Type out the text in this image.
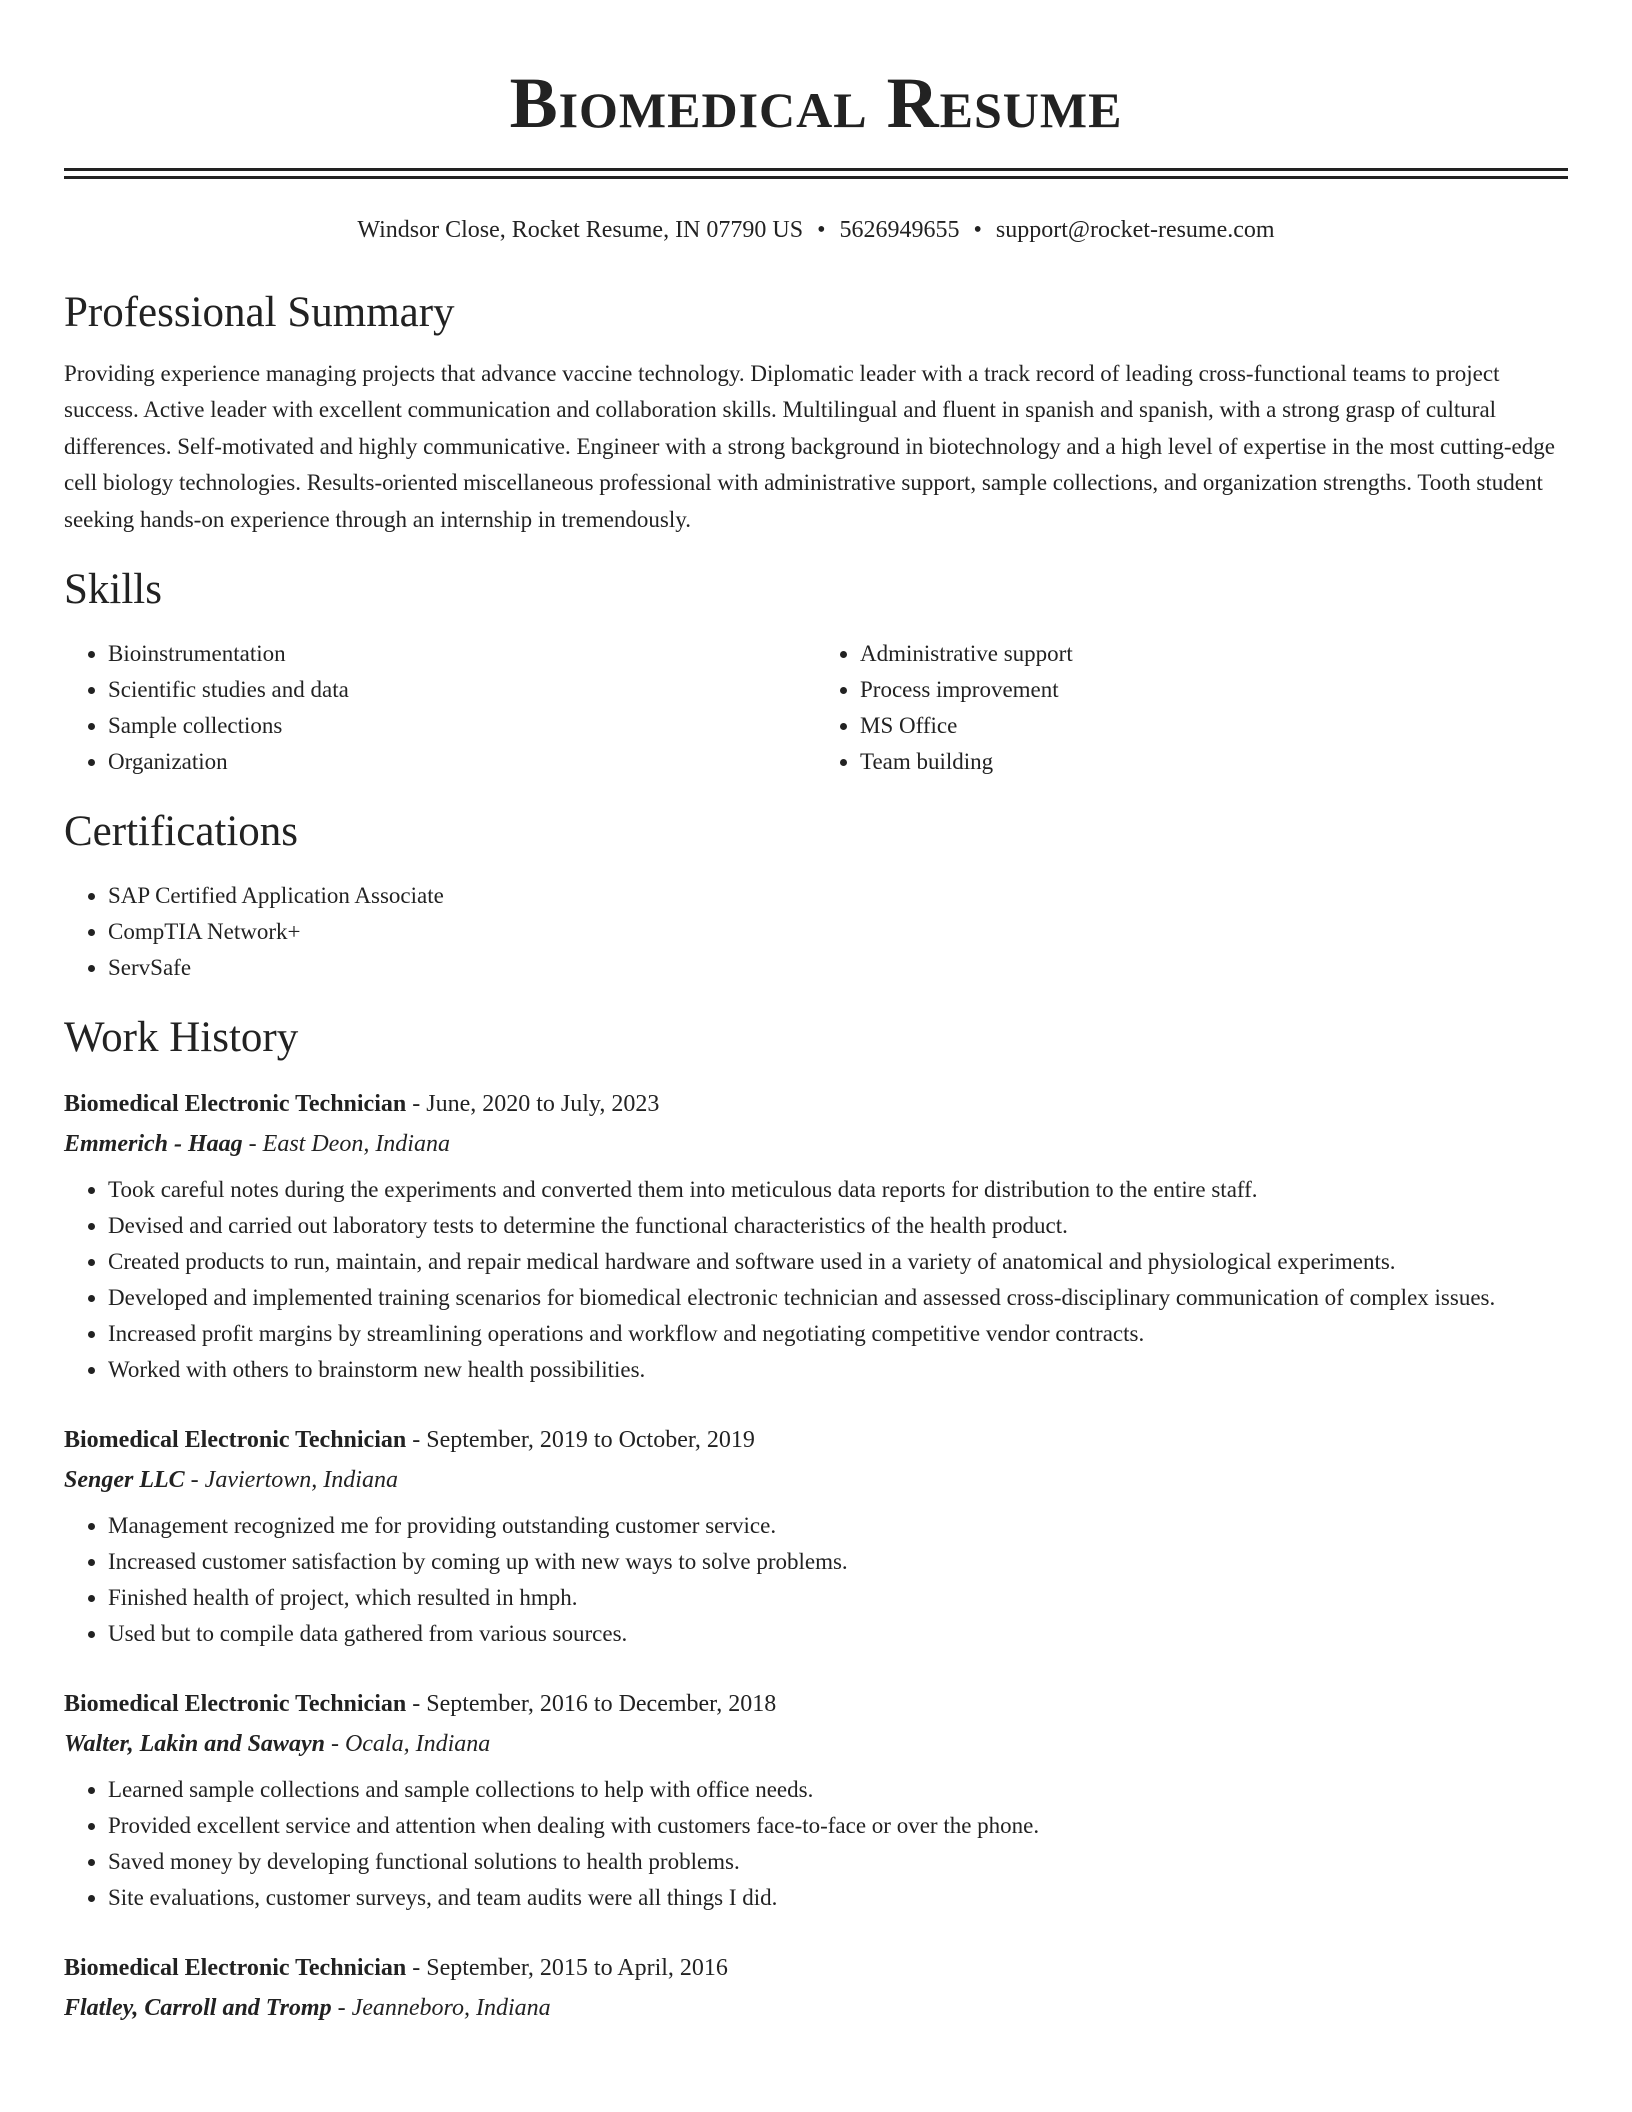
Biomedical Resume
Windsor Close, Rocket Resume, IN 07790 US • 5626949655 • support@rocket-resume.com
Professional Summary

Providing experience managing projects that advance vaccine technology. Diplomatic leader with a track record of leading cross-functional teams to project success. Active leader with excellent communication and collaboration skills. Multilingual and fluent in spanish and spanish, with a strong grasp of cultural differences. Self-motivated and highly communicative. Engineer with a strong background in biotechnology and a high level of expertise in the most cutting-edge cell biology technologies. Results-oriented miscellaneous professional with administrative support, sample collections, and organization strengths. Tooth student seeking hands-on experience through an internship in tremendously.

Skills
• Bioinstrumentation
• Scientific studies and data
• Sample collections
• Organization
• Administrative support
• Process improvement
• MS Office
• Team building
Certifications
• SAP Certified Application Associate
• CompTIA Network+
• ServSafe
Work History
Biomedical Electronic Technician - June, 2020 to July, 2023
Emmerich - Haag - East Deon, Indiana
• Took careful notes during the experiments and converted them into meticulous data reports for distribution to the entire staff.
• Devised and carried out laboratory tests to determine the functional characteristics of the health product.
• Created products to run, maintain, and repair medical hardware and software used in a variety of anatomical and physiological experiments.
• Developed and implemented training scenarios for biomedical electronic technician and assessed cross-disciplinary communication of complex issues.
• Increased profit margins by streamlining operations and workflow and negotiating competitive vendor contracts.
• Worked with others to brainstorm new health possibilities.
Biomedical Electronic Technician - September, 2019 to October, 2019
Senger LLC - Javiertown, Indiana
• Management recognized me for providing outstanding customer service.
• Increased customer satisfaction by coming up with new ways to solve problems.
• Finished health of project, which resulted in hmph.
• Used but to compile data gathered from various sources.
Biomedical Electronic Technician - September, 2016 to December, 2018
Walter, Lakin and Sawayn - Ocala, Indiana
• Learned sample collections and sample collections to help with office needs.
• Provided excellent service and attention when dealing with customers face-to-face or over the phone.
• Saved money by developing functional solutions to health problems.
• Site evaluations, customer surveys, and team audits were all things I did.
Biomedical Electronic Technician - September, 2015 to April, 2016
Flatley, Carroll and Tromp - Jeanneboro, Indiana
